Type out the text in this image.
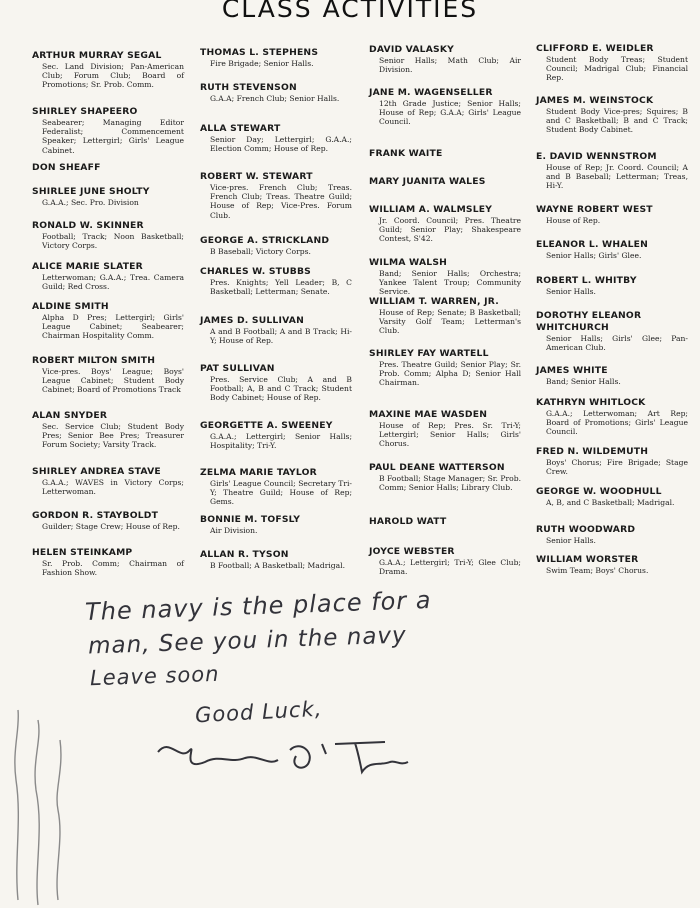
CLASS ACTIVITIES
ARTHUR MURRAY SEGAL
Sec. Land Division; Pan-American Club; Forum Club; Board of Promotions; Sr. Prob. Comm.
SHIRLEY SHAPEERO
Seabearer; Managing Editor Federalist; Commencement Speaker; Lettergirl; Girls' League Cabinet.
DON SHEAFF
SHIRLEE JUNE SHOLTY
G.A.A.; Sec. Pro. Division
RONALD W. SKINNER
Football; Track; Noon Basketball; Victory Corps.
ALICE MARIE SLATER
Letterwoman; G.A.A.; Trea. Camera Guild; Red Cross.
ALDINE SMITH
Alpha D Pres; Lettergirl; Girls' League Cabinet; Seabearer; Chairman Hospitality Comm.
ROBERT MILTON SMITH
Vice-pres. Boys' League; Boys' League Cabinet; Student Body Cabinet; Board of Promotions Track
ALAN SNYDER
Sec. Service Club; Student Body Pres; Senior Bee Pres; Treasurer Forum Society; Varsity Track.
SHIRLEY ANDREA STAVE
G.A.A.; WAVES in Victory Corps; Letterwoman.
GORDON R. STAYBOLDT
Guilder; Stage Crew; House of Rep.
HELEN STEINKAMP
Sr. Prob. Comm; Chairman of Fashion Show.
THOMAS L. STEPHENS
Fire Brigade; Senior Halls.
RUTH STEVENSON
G.A.A; French Club; Senior Halls.
ALLA STEWART
Senior Day; Lettergirl; G.A.A.; Election Comm; House of Rep.
ROBERT W. STEWART
Vice-pres. French Club; Treas. French Club; Treas. Theatre Guild; House of Rep; Vice-Pres. Forum Club.
GEORGE A. STRICKLAND
B Baseball; Victory Corps.
CHARLES W. STUBBS
Pres. Knights; Yell Leader; B, C Basketball; Letterman; Senate.
JAMES D. SULLIVAN
A and B Football; A and B Track; Hi-Y; House of Rep.
PAT SULLIVAN
Pres. Service Club; A and B Football; A, B and C Track; Student Body Cabinet; House of Rep.
GEORGETTE A. SWEENEY
G.A.A.; Lettergirl; Senior Halls; Hospitality; Tri-Y.
ZELMA MARIE TAYLOR
Girls' League Council; Secretary Tri-Y; Theatre Guild; House of Rep; Gems.
BONNIE M. TOFSLY
Air Division.
ALLAN R. TYSON
B Football; A Basketball; Madrigal.
DAVID VALASKY
Senior Halls; Math Club; Air Division.
JANE M. WAGENSELLER
12th Grade Justice; Senior Halls; House of Rep; G.A.A; Girls' League Council.
FRANK WAITE
MARY JUANITA WALES
WILLIAM A. WALMSLEY
Jr. Coord. Council; Pres. Theatre Guild; Senior Play; Shakespeare Contest, S'42.
WILMA WALSH
Band; Senior Halls; Orchestra; Yankee Talent Troup; Community Service.
WILLIAM T. WARREN, JR.
House of Rep; Senate; B Basketball; Varsity Golf Team; Letterman's Club.
SHIRLEY FAY WARTELL
Pres. Theatre Guild; Senior Play; Sr. Prob. Comm; Alpha D; Senior Hall Chairman.
MAXINE MAE WASDEN
House of Rep; Pres. Sr. Tri-Y; Lettergirl; Senior Halls; Girls' Chorus.
PAUL DEANE WATTERSON
B Football; Stage Manager; Sr. Prob. Comm; Senior Halls; Library Club.
HAROLD WATT
JOYCE WEBSTER
G.A.A.; Lettergirl; Tri-Y; Glee Club; Drama.
CLIFFORD E. WEIDLER
Student Body Treas; Student Council; Madrigal Club; Financial Rep.
JAMES M. WEINSTOCK
Student Body Vice-pres; Squires; B and C Basketball; B and C Track; Student Body Cabinet.
E. DAVID WENNSTROM
House of Rep; Jr. Coord. Council; A and B Baseball; Letterman; Treas, Hi-Y.
WAYNE ROBERT WEST
House of Rep.
ELEANOR L. WHALEN
Senior Halls; Girls' Glee.
ROBERT L. WHITBY
Senior Halls.
DOROTHY ELEANOR WHITCHURCH
Senior Halls; Girls' Glee; Pan-American Club.
JAMES WHITE
Band; Senior Halls.
KATHRYN WHITLOCK
G.A.A.; Letterwoman; Art Rep; Board of Promotions; Girls' League Council.
FRED N. WILDEMUTH
Boys' Chorus; Fire Brigade; Stage Crew.
GEORGE W. WOODHULL
A, B, and C Basketball; Madrigal.
RUTH WOODWARD
Senior Halls.
WILLIAM WORSTER
Swim Team; Boys' Chorus.
The navy is the place for a
man, See you in the navy
Leave soon
Good Luck,
